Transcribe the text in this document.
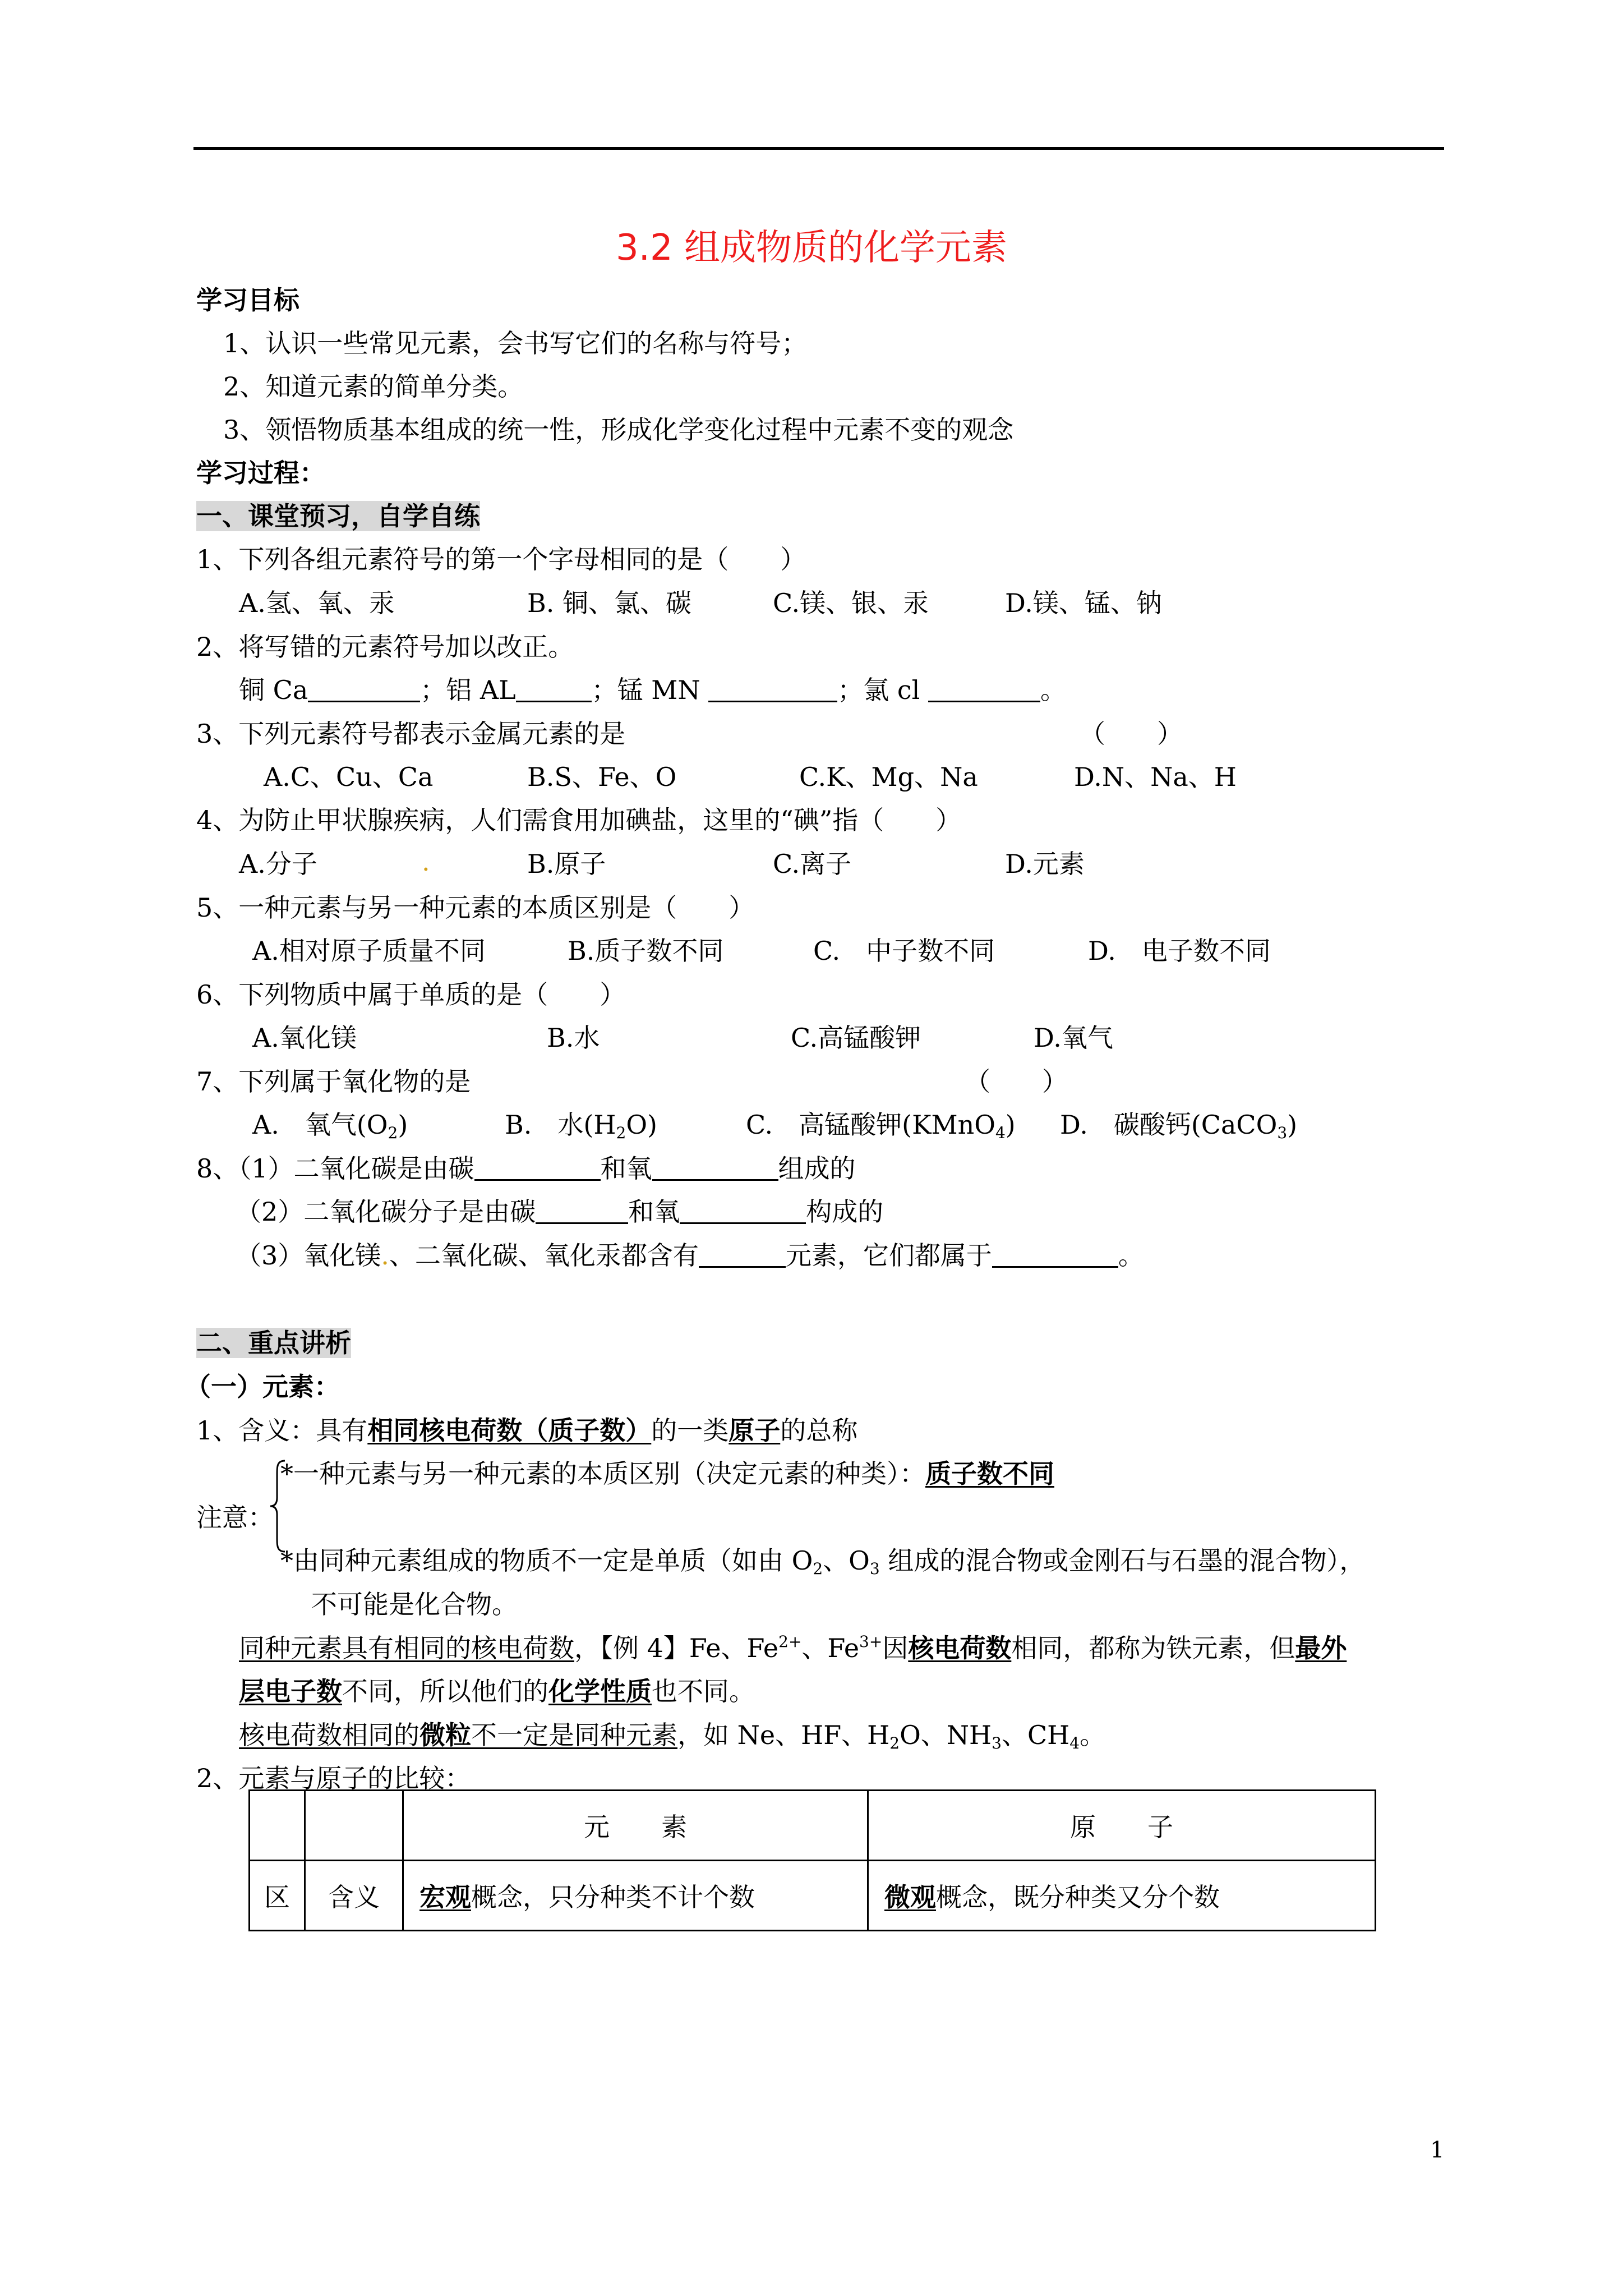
3.2 组成物质的化学元素
学习目标
1、认识一些常见元素，会书写它们的名称与符号；
2、知道元素的简单分类。
3、领悟物质基本组成的统一性，形成化学变化过程中元素不变的观念
学习过程：
一、课堂预习，自学自练
1、下列各组元素符号的第一个字母相同的是（　　）
A.氢、氧、汞	B. 铜、氯、碳	C.镁、银、汞	D.镁、锰、钠
2、将写错的元素符号加以改正。
铜 Ca	；铝 AL	；锰 MN	；氯 cl	。
3、下列元素符号都表示金属元素的是	（　　）
A.C、Cu、Ca	B.S、Fe、O	C.K、Mg、Na	D.N、Na、H
4、为防止甲状腺疾病，人们需食用加碘盐，这里的“碘”指（　　）
A.分子	.	B.原子	C.离子	D.元素
5、一种元素与另一种元素的本质区别是（　　）
A.相对原子质量不同	B.质子数不同	C.　中子数不同	D.　电子数不同
6、下列物质中属于单质的是（　　）
A.氧化镁	B.水	C.高锰酸钾	D.氧气
7、下列属于氧化物的是	（　　）
A.　氧气$(O_2)$	B.　水$(H_2O)$	C.　高锰酸钾(KMnO$_4$) D.　碳酸钙(CaCO$_3$)
8、（1）二氧化碳是由碳	和氧	组成的
（2）二氧化碳分子是由碳	和氧	构成的
（3）氧化镁.、二氧化碳、氧化汞都含有	元素，它们都属于	。
二、重点讲析
（一）元素：
1、含义：具有相同核电荷数（质子数）的一类原子的总称
*一种元素与另一种元素的本质区别（决定元素的种类）：质子数不同
注意：
*由同种元素组成的物质不一定是单质（如由 $O_2$、$O_3$ 组成的混合物或金刚石与石墨的混合物），
不可能是化合物。
同种元素具有相同的核电荷数，【例 4】Fe、$Fe^{2+}$、$Fe^{3+}$因核电荷数相同，都称为铁元素，但最外
层电子数不同，所以他们的化学性质也不同。
核电荷数相同的微粒不一定是同种元素，如 Ne、HF、$H_2O$、$NH_3$、$CH_4$。
2、元素与原子的比较：
		元　　素	原　　子
区	含义	宏观概念，只分种类不计个数	微观概念，既分种类又分个数
1
